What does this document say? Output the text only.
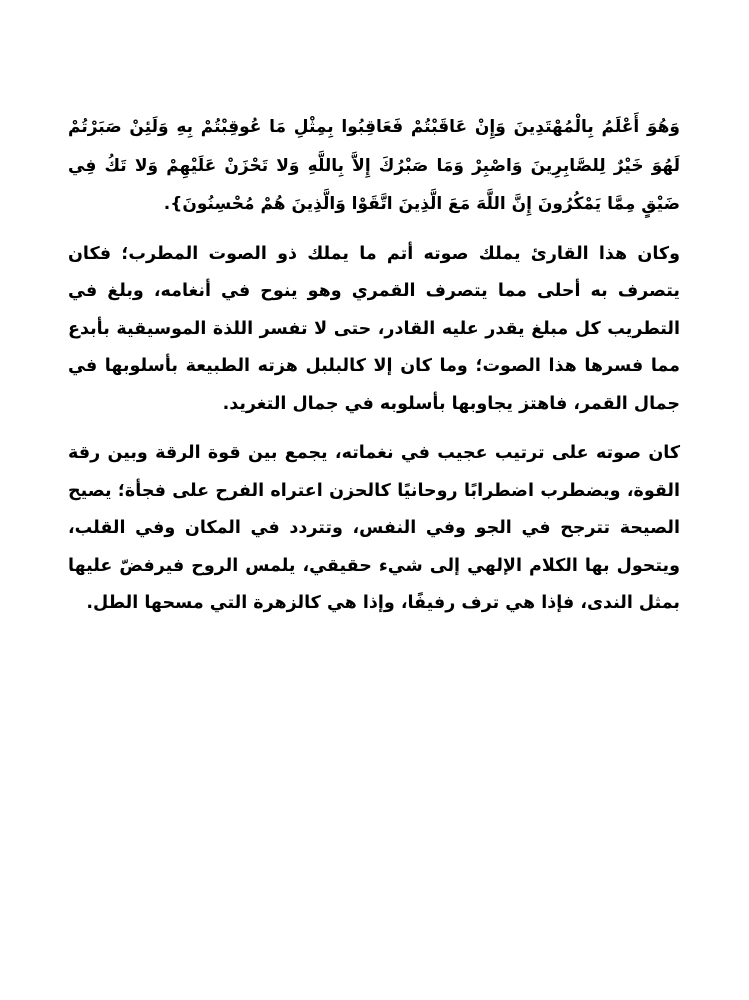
وَهُوَ أَعْلَمُ بِالْمُهْتَدِينَ وَإِنْ عَاقَبْتُمْ فَعَاقِبُوا بِمِثْلِ مَا عُوقِبْتُمْ بِهِ وَلَئِنْ صَبَرْتُمْ لَهُوَ خَيْرٌ لِلصَّابِرِينَ وَاصْبِرْ وَمَا صَبْرُكَ إِلاَّ بِاللَّهِ وَلا تَحْزَنْ عَلَيْهِمْ وَلا تَكُ فِي ضَيْقٍ مِمَّا يَمْكُرُونَ إِنَّ اللَّهَ مَعَ الَّذِينَ اتَّقَوْا وَالَّذِينَ هُمْ مُحْسِنُونَ}.

وكان هذا القارئ يملك صوته أتم ما يملك ذو الصوت المطرب؛ فكان يتصرف به أحلى مما يتصرف القمري وهو ينوح في أنغامه، وبلغ في التطريب كل مبلغ يقدر عليه القادر، حتى لا تفسر اللذة الموسيقية بأبدع مما فسرها هذا الصوت؛ وما كان إلا كالبلبل هزته الطبيعة بأسلوبها في جمال القمر، فاهتز يجاوبها بأسلوبه في جمال التغريد.

كان صوته على ترتيب عجيب في نغماته، يجمع بين قوة الرقة وبين رقة القوة، ويضطرب اضطرابًا روحانيًا كالحزن اعتراه الفرح على فجأة؛ يصيح الصيحة تترجح في الجو وفي النفس، وتتردد في المكان وفي القلب، ويتحول بها الكلام الإلهي إلى شيء حقيقي، يلمس الروح فيرفضّ عليها بمثل الندى، فإذا هي ترف رفيفًا، وإذا هي كالزهرة التي مسحها الطل.
